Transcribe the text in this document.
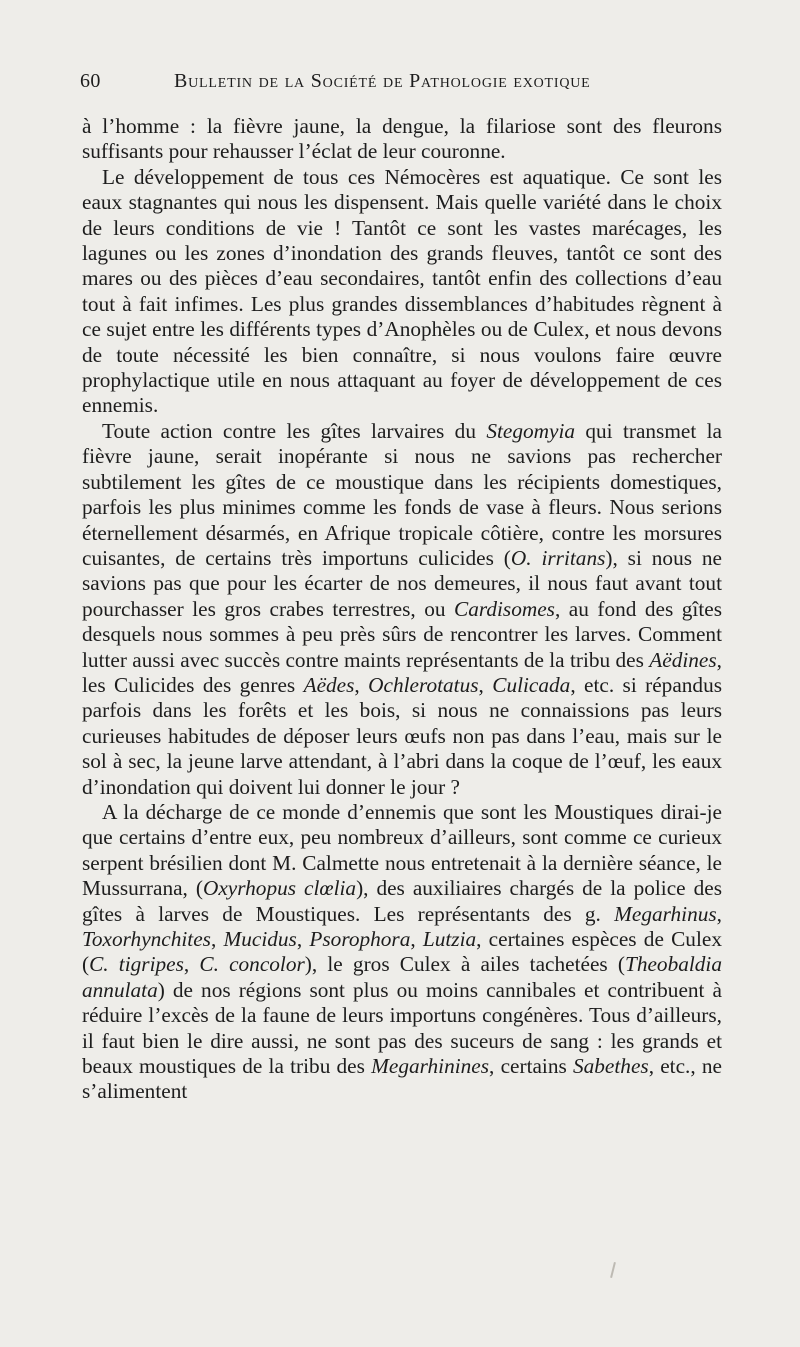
60	Bulletin de la Société de Pathologie exotique

à l’homme : la fièvre jaune, la dengue, la filariose sont des fleurons suffisants pour rehausser l’éclat de leur couronne.

Le développement de tous ces Némocères est aquatique. Ce sont les eaux stagnantes qui nous les dispensent. Mais quelle variété dans le choix de leurs conditions de vie ! Tantôt ce sont les vastes marécages, les lagunes ou les zones d’inondation des grands fleuves, tantôt ce sont des mares ou des pièces d’eau secondaires, tantôt enfin des collections d’eau tout à fait infimes. Les plus grandes dissemblances d’habitudes règnent à ce sujet entre les différents types d’Anophèles ou de Culex, et nous devons de toute nécessité les bien connaître, si nous voulons faire œuvre prophylactique utile en nous attaquant au foyer de développement de ces ennemis.

Toute action contre les gîtes larvaires du Stegomyia qui transmet la fièvre jaune, serait inopérante si nous ne savions pas rechercher subtilement les gîtes de ce moustique dans les récipients domestiques, parfois les plus minimes comme les fonds de vase à fleurs. Nous serions éternellement désarmés, en Afrique tropicale côtière, contre les morsures cuisantes, de certains très importuns culicides (O. irritans), si nous ne savions pas que pour les écarter de nos demeures, il nous faut avant tout pourchasser les gros crabes terrestres, ou Cardisomes, au fond des gîtes desquels nous sommes à peu près sûrs de rencontrer les larves. Comment lutter aussi avec succès contre maints représentants de la tribu des Aëdines, les Culicides des genres Aëdes, Ochlerotatus, Culicada, etc. si répandus parfois dans les forêts et les bois, si nous ne connaissions pas leurs curieuses habitudes de déposer leurs œufs non pas dans l’eau, mais sur le sol à sec, la jeune larve attendant, à l’abri dans la coque de l’œuf, les eaux d’inondation qui doivent lui donner le jour ?

A la décharge de ce monde d’ennemis que sont les Moustiques dirai-je que certains d’entre eux, peu nombreux d’ailleurs, sont comme ce curieux serpent brésilien dont M. Calmette nous entretenait à la dernière séance, le Mussurrana, (Oxyrhopus clœlia), des auxiliaires chargés de la police des gîtes à larves de Moustiques. Les représentants des g. Megarhinus, Toxorhynchites, Mucidus, Psorophora, Lutzia, certaines espèces de Culex (C. tigripes, C. concolor), le gros Culex à ailes tachetées (Theobaldia annulata) de nos régions sont plus ou moins cannibales et contribuent à réduire l’excès de la faune de leurs importuns congénères. Tous d’ailleurs, il faut bien le dire aussi, ne sont pas des suceurs de sang : les grands et beaux moustiques de la tribu des Megarhinines, certains Sabethes, etc., ne s’alimentent
